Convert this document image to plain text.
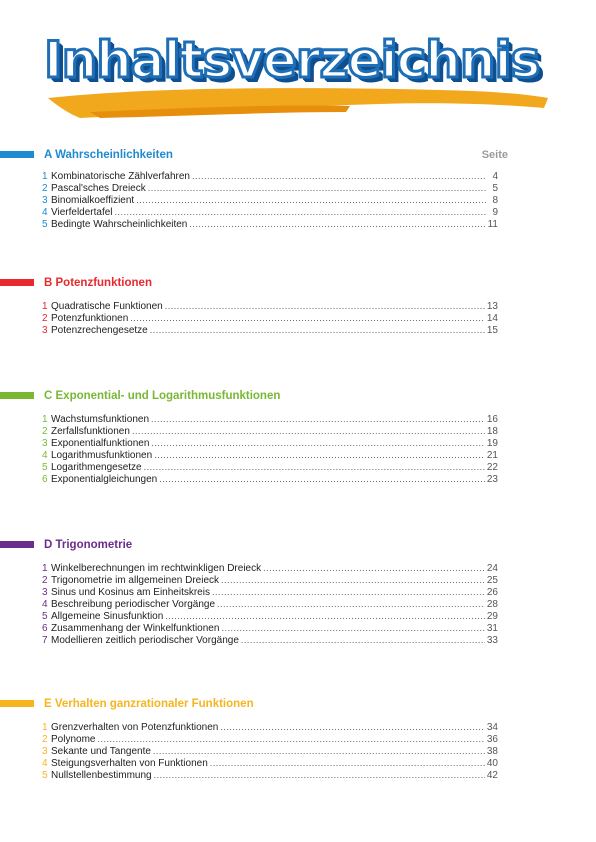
Inhaltsverzeichnis
Seite
A Wahrscheinlichkeiten
1 Kombinatorische Zählverfahren .....	4
2 Pascal'sches Dreieck .....	5
3 Binomialkoeffizient .....	8
4 Vierfeldertafel .....	9
5 Bedingte Wahrscheinlichkeiten .....	11
B Potenzfunktionen
1 Quadratische Funktionen .....	13
2 Potenzfunktionen .....	14
3 Potenzrechengesetze .....	15
C Exponential- und Logarithmusfunktionen
1 Wachstumsfunktionen .....	16
2 Zerfallsfunktionen .....	18
3 Exponentialfunktionen .....	19
4 Logarithmusfunktionen .....	21
5 Logarithmengesetze .....	22
6 Exponentialgleichungen .....	23
D Trigonometrie
1 Winkelberechnungen im rechtwinkligen Dreieck .....	24
2 Trigonometrie im allgemeinen Dreieck .....	25
3 Sinus und Kosinus am Einheitskreis .....	26
4 Beschreibung periodischer Vorgänge .....	28
5 Allgemeine Sinusfunktion .....	29
6 Zusammenhang der Winkelfunktionen .....	31
7 Modellieren zeitlich periodischer Vorgänge .....	33
E Verhalten ganzrationaler Funktionen
1 Grenzverhalten von Potenzfunktionen .....	34
2 Polynome .....	36
3 Sekante und Tangente .....	38
4 Steigungsverhalten von Funktionen .....	40
5 Nullstellenbestimmung .....	42
